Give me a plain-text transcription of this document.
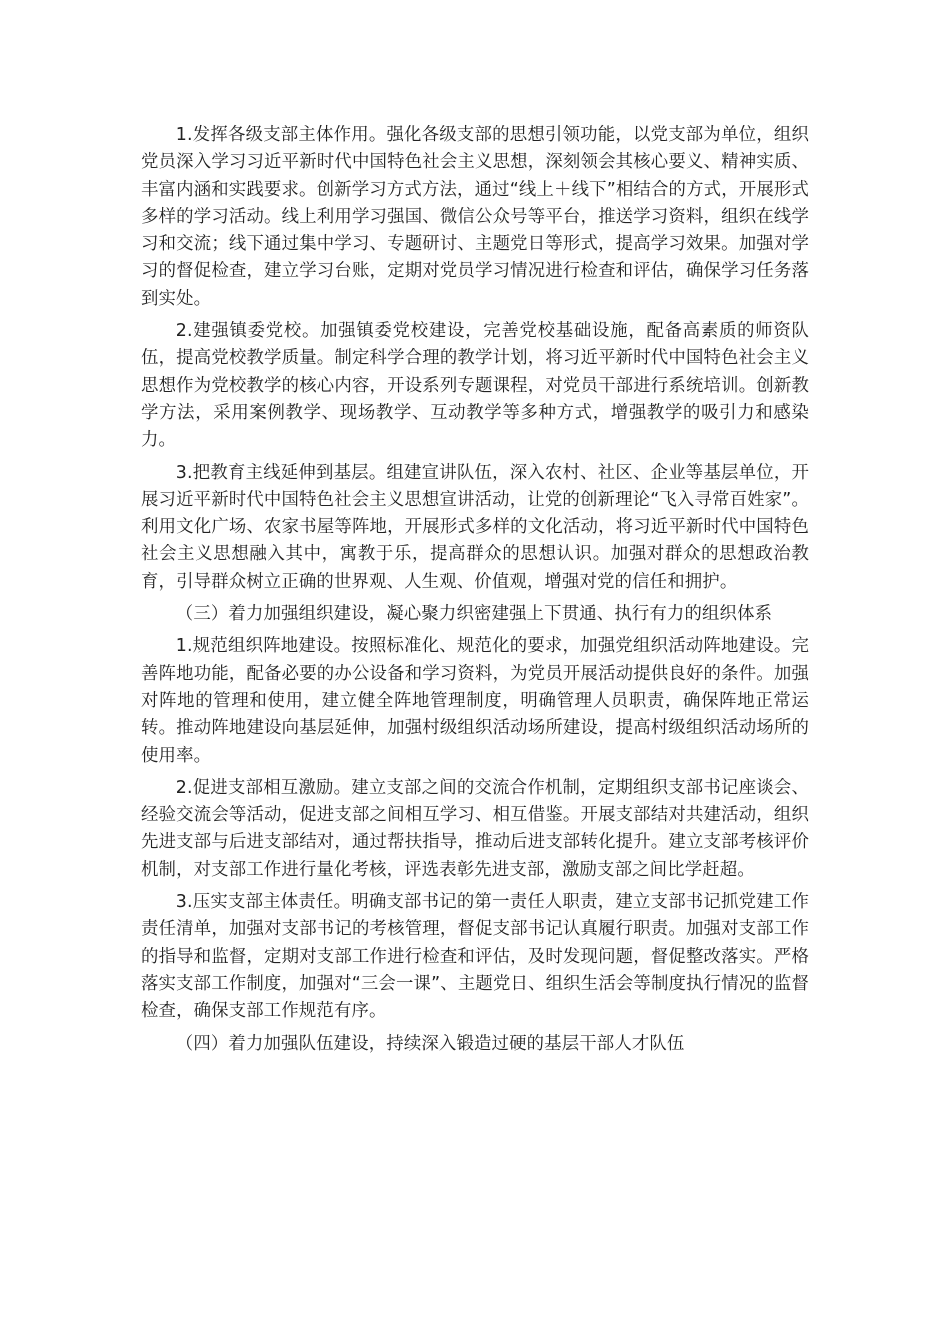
1.发挥各级支部主体作用。强化各级支部的思想引领功能，以党支部为单位，组织党员深入学习习近平新时代中国特色社会主义思想，深刻领会其核心要义、精神实质、丰富内涵和实践要求。创新学习方式方法，通过“线上＋线下”相结合的方式，开展形式多样的学习活动。线上利用学习强国、微信公众号等平台，推送学习资料，组织在线学习和交流；线下通过集中学习、专题研讨、主题党日等形式，提高学习效果。加强对学习的督促检查，建立学习台账，定期对党员学习情况进行检查和评估，确保学习任务落到实处。

2.建强镇委党校。加强镇委党校建设，完善党校基础设施，配备高素质的师资队伍，提高党校教学质量。制定科学合理的教学计划，将习近平新时代中国特色社会主义思想作为党校教学的核心内容，开设系列专题课程，对党员干部进行系统培训。创新教学方法，采用案例教学、现场教学、互动教学等多种方式，增强教学的吸引力和感染力。

3.把教育主线延伸到基层。组建宣讲队伍，深入农村、社区、企业等基层单位，开展习近平新时代中国特色社会主义思想宣讲活动，让党的创新理论“飞入寻常百姓家”。利用文化广场、农家书屋等阵地，开展形式多样的文化活动，将习近平新时代中国特色社会主义思想融入其中，寓教于乐，提高群众的思想认识。加强对群众的思想政治教育，引导群众树立正确的世界观、人生观、价值观，增强对党的信任和拥护。

（三）着力加强组织建设，凝心聚力织密建强上下贯通、执行有力的组织体系

1.规范组织阵地建设。按照标准化、规范化的要求，加强党组织活动阵地建设。完善阵地功能，配备必要的办公设备和学习资料，为党员开展活动提供良好的条件。加强对阵地的管理和使用，建立健全阵地管理制度，明确管理人员职责，确保阵地正常运转。推动阵地建设向基层延伸，加强村级组织活动场所建设，提高村级组织活动场所的使用率。

2.促进支部相互激励。建立支部之间的交流合作机制，定期组织支部书记座谈会、经验交流会等活动，促进支部之间相互学习、相互借鉴。开展支部结对共建活动，组织先进支部与后进支部结对，通过帮扶指导，推动后进支部转化提升。建立支部考核评价机制，对支部工作进行量化考核，评选表彰先进支部，激励支部之间比学赶超。

3.压实支部主体责任。明确支部书记的第一责任人职责，建立支部书记抓党建工作责任清单，加强对支部书记的考核管理，督促支部书记认真履行职责。加强对支部工作的指导和监督，定期对支部工作进行检查和评估，及时发现问题，督促整改落实。严格落实支部工作制度，加强对“三会一课”、主题党日、组织生活会等制度执行情况的监督检查，确保支部工作规范有序。

（四）着力加强队伍建设，持续深入锻造过硬的基层干部人才队伍
